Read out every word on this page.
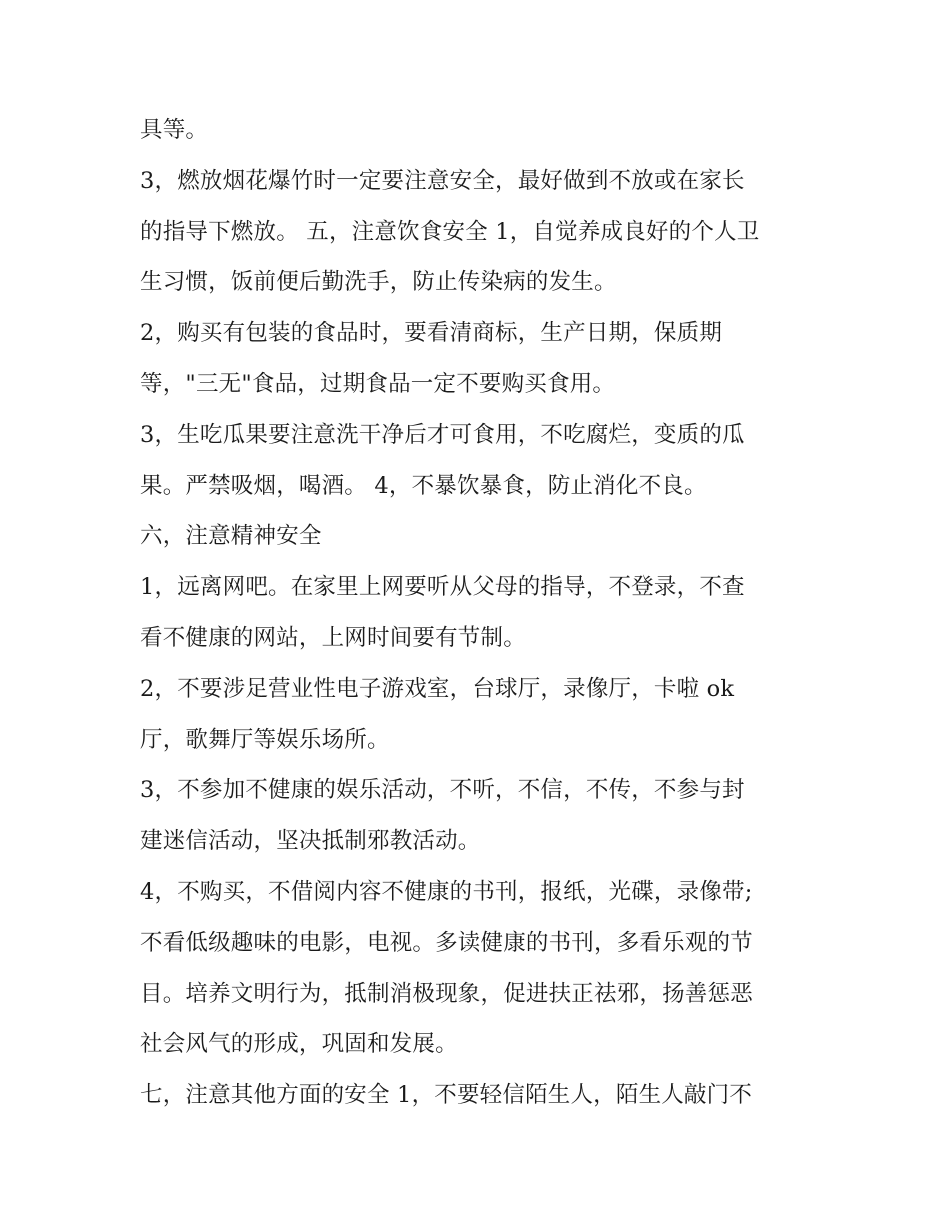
具等。
3，燃放烟花爆竹时一定要注意安全，最好做到不放或在家长
的指导下燃放。 五，注意饮食安全 1，自觉养成良好的个人卫
生习惯，饭前便后勤洗手，防止传染病的发生。
2，购买有包装的食品时，要看清商标，生产日期，保质期
等，"三无"食品，过期食品一定不要购买食用。
3，生吃瓜果要注意洗干净后才可食用，不吃腐烂，变质的瓜
果。严禁吸烟，喝酒。 4，不暴饮暴食，防止消化不良。
六，注意精神安全
1，远离网吧。在家里上网要听从父母的指导，不登录，不查
看不健康的网站，上网时间要有节制。
2，不要涉足营业性电子游戏室，台球厅，录像厅，卡啦 ok
厅，歌舞厅等娱乐场所。
3，不参加不健康的娱乐活动，不听，不信，不传，不参与封
建迷信活动，坚决抵制邪教活动。
4，不购买，不借阅内容不健康的书刊，报纸，光碟，录像带;
不看低级趣味的电影，电视。多读健康的书刊，多看乐观的节
目。培养文明行为，抵制消极现象，促进扶正祛邪，扬善惩恶
社会风气的形成，巩固和发展。
七，注意其他方面的安全 1，不要轻信陌生人，陌生人敲门不
